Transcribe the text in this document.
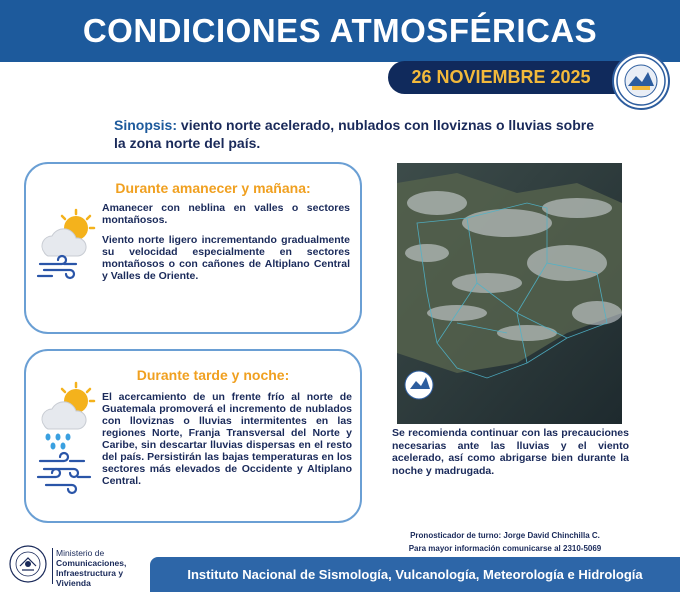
CONDICIONES ATMOSFÉRICAS
26 NOVIEMBRE 2025
Sinopsis: viento norte acelerado, nublados con lloviznas o lluvias sobre la zona norte del país.
Durante amanecer y mañana:
Amanecer con neblina en valles o sectores montañosos.
Viento norte ligero incrementando gradualmente su velocidad especialmente en sectores montañosos o con cañones de Altiplano Central y Valles de Oriente.
Durante tarde y noche:
El acercamiento de un frente frío al norte de Guatemala promoverá el incremento de nublados con lloviznas o lluvias intermitentes en las regiones Norte, Franja Transversal del Norte y Caribe, sin descartar lluvias dispersas en el resto del país. Persistirán las bajas temperaturas en los sectores más elevados de Occidente y Altiplano Central.
Se recomienda continuar con las precauciones necesarias ante las lluvias y el viento acelerado, así como abrigarse bien durante la noche y madrugada.
Pronosticador de turno: Jorge David Chinchilla C.
Para mayor información comunicarse al 2310-5069
Ministerio de
Comunicaciones,
Infraestructura y
Vivienda
Instituto Nacional de Sismología, Vulcanología, Meteorología e Hidrología
